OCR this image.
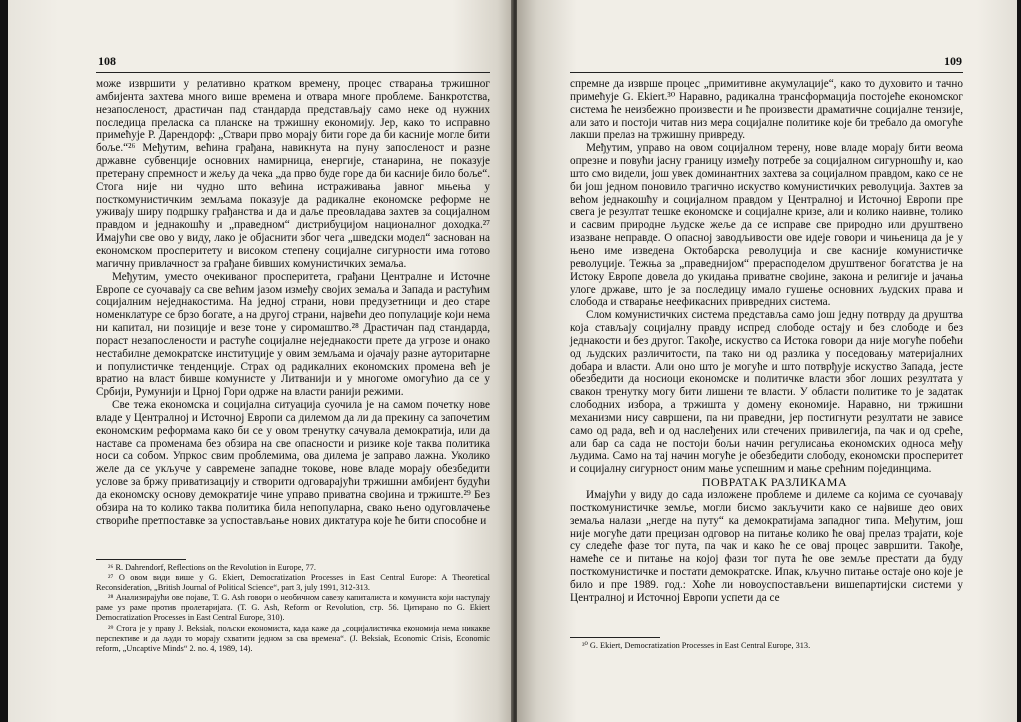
108

може извршити у релативно кратком времену, процес стварања тржишног амбијента захтева много више времена и отвара многе проблеме. Банкротства, незапосленост, драстичан пад стандарда представљају само неке од нужних последица преласка са планске на тржишну економију. Јер, како то исправно примећује Р. Дарендорф: „Ствари прво морају бити горе да би касније могле бити боље.“²⁶ Међутим, већина грађана, навикнута на пуну запосленост и разне државне субвенције основних намирница, енергије, станарина, не показује претерану спремност и жељу да чека „да прво буде горе да би касније било боље“. Стога није ни чудно што већина истраживања јавног мњења у посткомунистичким земљама показује да радикалне економске реформе не уживају ширу подршку грађанства и да и даље преовладава захтев за социјалном правдом и једнакошћу и „праведном“ дистрибуцијом националног доходка.²⁷ Имајући све ово у виду, лако је објаснити због чега „шведски модел“ заснован на економском просперитету и високом степену социјалне сигурности има готово магичну привлачност за грађане бивших комунистичких земаља.

Међутим, уместо очекиваног просперитета, грађани Централне и Источне Европе се суочавају са све већим јазом између својих земаља и Запада и растућим социјалним неједнакостима. На једној страни, нови предузетници и део старе номенклатуре се брзо богате, а на другој страни, највећи део популације који нема ни капитал, ни позиције и везе тоне у сиромаштво.²⁸ Драстичан пад стандарда, пораст незапослености и растуће социјалне неједнакости прете да угрозе и онако нестабилне демократске институције у овим земљама и ојачају разне ауторитарне и популистичке тенденције. Страх од радикалних економских промена већ је вратио на власт бивше комунисте у Литванији и у многоме омогућио да се у Србији, Румунији и Црној Гори одрже на власти ранији режими.

Све тежа економска и социјална ситуација суочила је на самом почетку нове владе у Централној и Источној Европи са дилемом да ли да прекину са започетим економским реформама како би се у овом тренутку сачувала демократија, или да наставе са променама без обзира на све опасности и ризике које таква политика носи са собом. Упркос свим проблемима, ова дилема је заправо лажна. Уколико желе да се укључе у савремене западне токове, нове владе морају обезбедити услове за бржу приватизацију и створити одговарајући тржишни амбијент будући да економску основу демократије чине управо приватна својина и тржиште.²⁹ Без обзира на то колико таква политика била непопуларна, свако њено одуговлачење створиће претпоставке за успостављање нових диктатура које ће бити способне и

²⁶ R. Dahrendorf, Reflections on the Revolution in Europe, 77.

²⁷ О овом види више у G. Ekiert, Democratization Processes in East Central Europe: A Theoretical Reconsideration, „British Journal of Political Science“, part 3, july 1991, 312-313.

²⁸ Анализирајући ове појаве, Т. G. Ash говори о необичном савезу капиталиста и комуниста који наступају раме уз раме против пролетаријата. (Т. G. Ash, Reform or Revolution, стр. 56. Цитирано по G. Ekiert Democratization Processes in East Central Europe, 310).

²⁹ Стога је у праву J. Beksiak, пољски економиста, када каже да „социјалистичка економија нема никакве перспективе и да људи то морају схватити једном за сва времена“. (J. Beksiak, Economic Crisis, Economic reform, „Uncaptive Minds“ 2. no. 4, 1989, 14).

109

спремне да изврше процес „примитивне акумулације“, како то духовито и тачно примећује G. Ekiert.³⁰ Наравно, радикална трансформација постојеће економског система ће неизбежно произвести и ће произвести драматичне социјалне тензије, али зато и постоји читав низ мера социјалне политике које би требало да омогуће лакши прелаз на тржишну привреду.

Међутим, управо на овом социјалном терену, нове владе морају бити веома опрезне и повући јасну границу између потребе за социјалном сигурношћу и, као што смо видели, још увек доминантних захтева за социјалном правдом, како се не би још једном поновило трагично искуство комунистичких револуција. Захтев за већом једнакошћу и социјалном правдом у Централној и Источној Европи пре свега је резултат тешке економске и социјалне кризе, али и колико наивне, толико и сасвим природне људске жеље да се исправе све природно или друштвено изазване неправде. О опасној заводљивости ове идеје говори и чињеница да је у њено име изведена Октобарска револуција и све касније комунистичке револуције. Тежња за „праведнијом“ прерасподелом друштвеног богатства је на Истоку Европе довела до укидања приватне својине, закона и религије и јачања улоге државе, што је за последицу имало гушење основних људских права и слобода и стварање неефикасних привредних система.

Слом комунистичких система представља само још једну потврду да друштва која стављају социјалну правду испред слободе остају и без слободе и без једнакости и без другог. Такође, искуство са Истока говори да није могуће побећи од људских различитости, па тако ни од разлика у поседовању материјалних добара и власти. Али оно што је могуће и што потврђује искуство Запада, јесте обезбедити да носиоци економске и политичке власти због лоших резултата у свакон тренутку могу бити лишени те власти. У области политике то је задатак слободних избора, а тржишта у домену економије. Наравно, ни тржишни механизми нису савршени, па ни праведни, јер постигнути резултати не зависе само од рада, већ и од наслеђених или стечених привилегија, па чак и од среће, али бар са сада не постоји бољи начин регулисања економских односа међу људима. Само на тај начин могуће је обезбедити слободу, економски просперитет и социјалну сигурност оним мање успешним и мање срећним појединцима.

ПОВРАТАК РАЗЛИКАМА

Имајући у виду до сада изложене проблеме и дилеме са којима се суочавају посткомунистичке земље, могли бисмо закључити како се највише део ових земаља налази „негде на путу“ ка демократијама западног типа. Међутим, још није могуће дати прецизан одговор на питање колико ће овај прелаз трајати, које су следеће фазе тог пута, па чак и како ће се овај процес завршити. Такође, намеће се и питање на којој фази тог пута ће ове земље престати да буду посткомунистичке и постати демократске. Ипак, кључно питање остаје оно које је било и пре 1989. год.: Хоће ли новоуспостављени вишепартијски системи у Централној и Источној Европи успети да се

³⁰ G. Ekiert, Democratization Processes in East Central Europe, 313.
